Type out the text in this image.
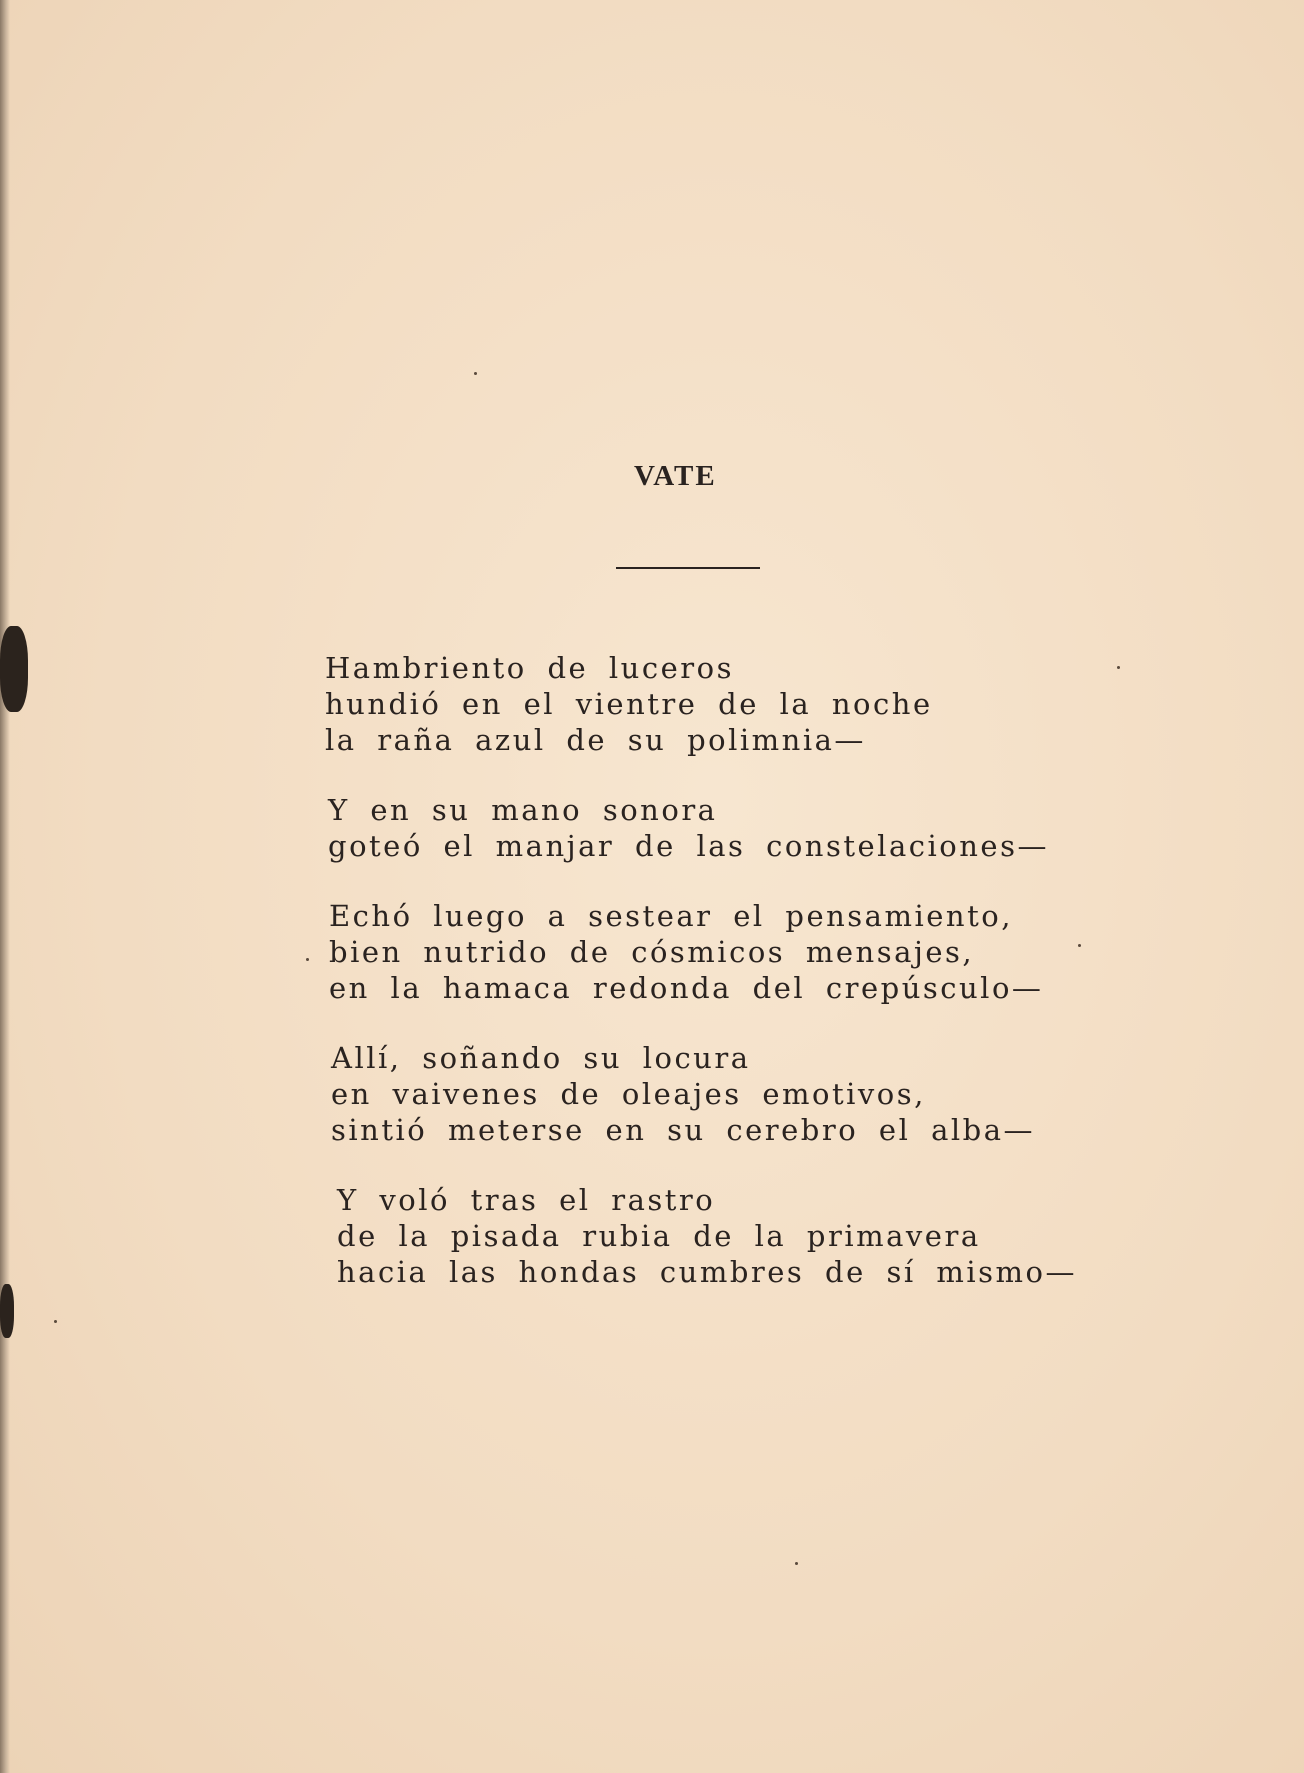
VATE

Hambriento de luceros
hundió en el vientre de la noche
la raña azul de su polimnia—

Y en su mano sonora
goteó el manjar de las constelaciones—

Echó luego a sestear el pensamiento,
bien nutrido de cósmicos mensajes,
en la hamaca redonda del crepúsculo—

Allí, soñando su locura
en vaivenes de oleajes emotivos,
sintió meterse en su cerebro el alba—

Y voló tras el rastro
de la pisada rubia de la primavera
hacia las hondas cumbres de sí mismo—
